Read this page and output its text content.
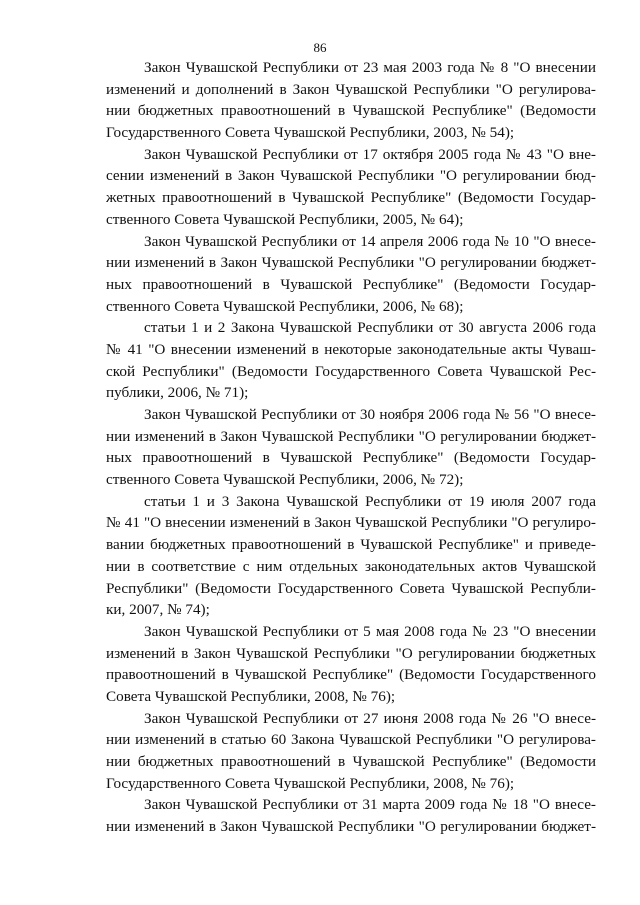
86
Закон Чувашской Республики от 23 мая 2003 года № 8 "О внесении
изменений и дополнений в Закон Чувашской Республики "О регулирова-
нии бюджетных правоотношений в Чувашской Республике" (Ведомости
Государственного Совета Чувашской Республики, 2003, № 54);
Закон Чувашской Республики от 17 октября 2005 года № 43 "О вне-
сении изменений в Закон Чувашской Республики "О регулировании бюд-
жетных правоотношений в Чувашской Республике" (Ведомости Государ-
ственного Совета Чувашской Республики, 2005, № 64);
Закон Чувашской Республики от 14 апреля 2006 года № 10 "О внесе-
нии изменений в Закон Чувашской Республики "О регулировании бюджет-
ных правоотношений в Чувашской Республике" (Ведомости Государ-
ственного Совета Чувашской Республики, 2006, № 68);
статьи 1 и 2 Закона Чувашской Республики от 30 августа 2006 года
№ 41 "О внесении изменений в некоторые законодательные акты Чуваш-
ской Республики" (Ведомости Государственного Совета Чувашской Рес-
публики, 2006, № 71);
Закон Чувашской Республики от 30 ноября 2006 года № 56 "О внесе-
нии изменений в Закон Чувашской Республики "О регулировании бюджет-
ных правоотношений в Чувашской Республике" (Ведомости Государ-
ственного Совета Чувашской Республики, 2006, № 72);
статьи 1 и 3 Закона Чувашской Республики от 19 июля 2007 года
№ 41 "О внесении изменений в Закон Чувашской Республики "О регулиро-
вании бюджетных правоотношений в Чувашской Республике" и приведе-
нии в соответствие с ним отдельных законодательных актов Чувашской
Республики" (Ведомости Государственного Совета Чувашской Республи-
ки, 2007, № 74);
Закон Чувашской Республики от 5 мая 2008 года № 23 "О внесении
изменений в Закон Чувашской Республики "О регулировании бюджетных
правоотношений в Чувашской Республике" (Ведомости Государственного
Совета Чувашской Республики, 2008, № 76);
Закон Чувашской Республики от 27 июня 2008 года № 26 "О внесе-
нии изменений в статью 60 Закона Чувашской Республики "О регулирова-
нии бюджетных правоотношений в Чувашской Республике" (Ведомости
Государственного Совета Чувашской Республики, 2008, № 76);
Закон Чувашской Республики от 31 марта 2009 года № 18 "О внесе-
нии изменений в Закон Чувашской Республики "О регулировании бюджет-
